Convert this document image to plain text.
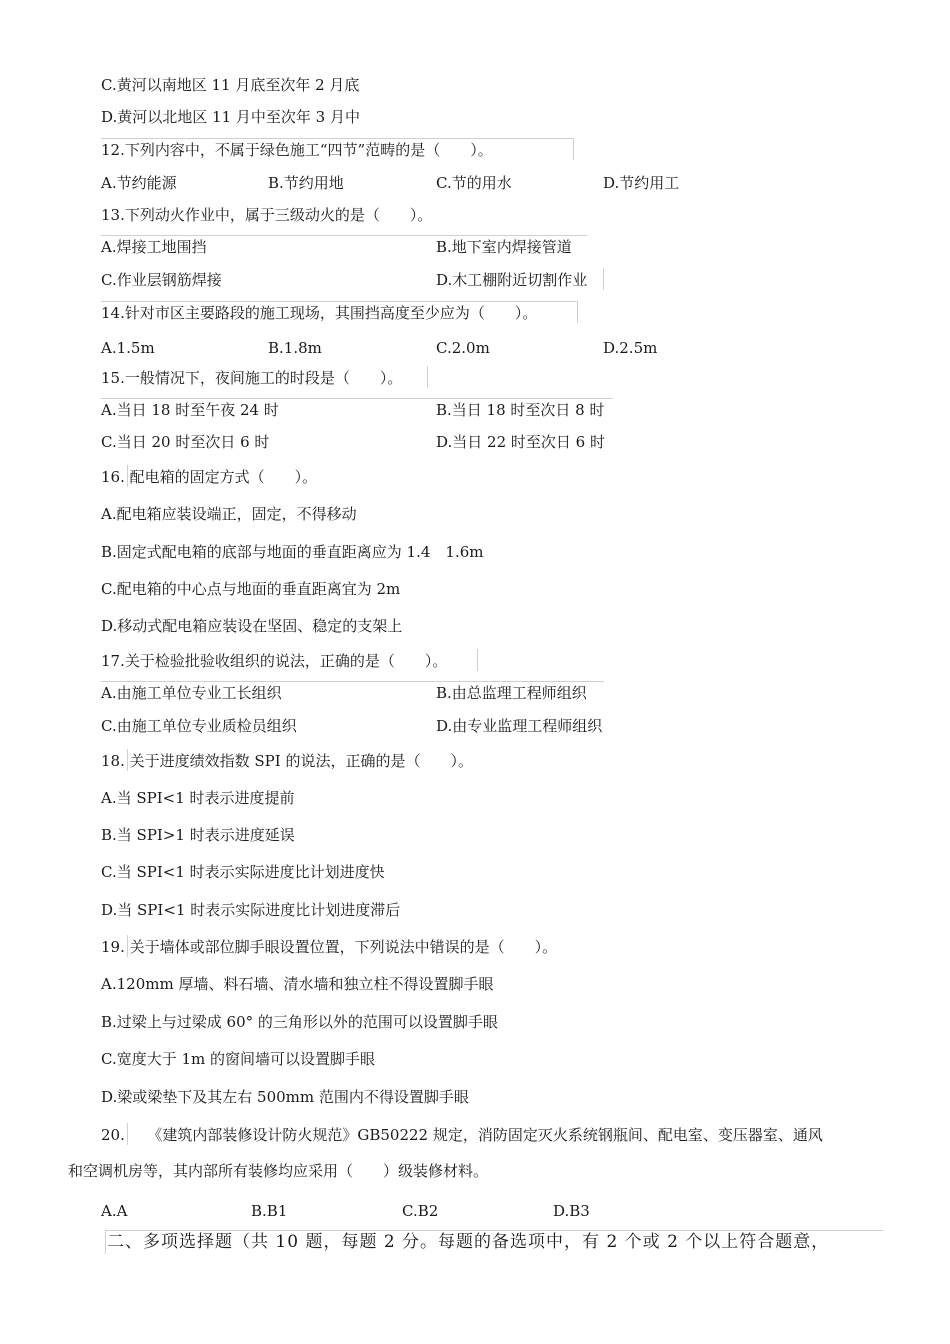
C.黄河以南地区 11 月底至次年 2 月底
D.黄河以北地区 11 月中至次年 3 月中
12.下列内容中，不属于绿色施工“四节”范畴的是（　　）。
A.节约能源	B.节约用地	C.节的用水	D.节约用工
13.下列动火作业中，属于三级动火的是（　　）。
A.焊接工地围挡	B.地下室内焊接管道
C.作业层钢筋焊接	D.木工棚附近切割作业
14.针对市区主要路段的施工现场，其围挡高度至少应为（　　）。
A.1.5m	B.1.8m	C.2.0m	D.2.5m
15.一般情况下，夜间施工的时段是（　　）。
A.当日 18 时至午夜 24 时	B.当日 18 时至次日 8 时
C.当日 20 时至次日 6 时	D.当日 22 时至次日 6 时
16. 配电箱的固定方式（　　）。
A.配电箱应装设端正，固定，不得移动
B.固定式配电箱的底部与地面的垂直距离应为 1.4　1.6m
C.配电箱的中心点与地面的垂直距离宜为 2m
D.移动式配电箱应装设在坚固、稳定的支架上
17.关于检验批验收组织的说法，正确的是（　　）。
A.由施工单位专业工长组织	B.由总监理工程师组织
C.由施工单位专业质检员组织	D.由专业监理工程师组织
18. 关于进度绩效指数 SPI 的说法，正确的是（　　）。
A.当 SPI<1 时表示进度提前
B.当 SPI>1 时表示进度延误
C.当 SPI<1 时表示实际进度比计划进度快
D.当 SPI<1 时表示实际进度比计划进度滞后
19. 关于墙体或部位脚手眼设置位置，下列说法中错误的是（　　）。
A.120mm 厚墙、料石墙、清水墙和独立柱不得设置脚手眼
B.过梁上与过梁成 60° 的三角形以外的范围可以设置脚手眼
C.宽度大于 1m 的窗间墙可以设置脚手眼
D.梁或梁垫下及其左右 500mm 范围内不得设置脚手眼
20.　　《建筑内部装修设计防火规范》GB50222 规定，消防固定灭火系统钢瓶间、配电室、变压器室、通风
和空调机房等，其内部所有装修均应采用（　　）级装修材料。
A.A	B.B1	C.B2	D.B3
二、多项选择题（共 10 题，每题 2 分。每题的备选项中，有 2 个或 2 个以上符合题意，
